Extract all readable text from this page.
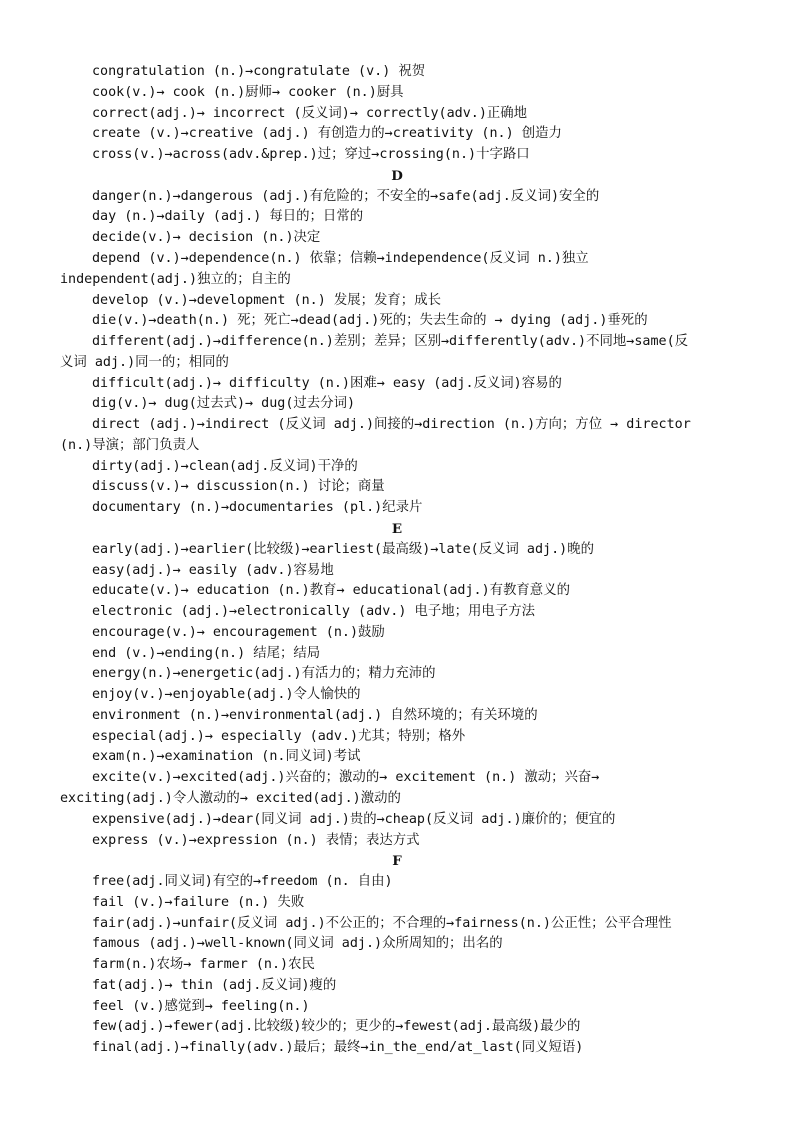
congratulation (n.)→congratulate (v.) 祝贺
cook(v.)→ cook (n.)厨师→ cooker (n.)厨具
correct(adj.)→ incorrect (反义词)→ correctly(adv.)正确地
create (v.)→creative (adj.) 有创造力的→creativity (n.) 创造力
cross(v.)→across(adv.&prep.)过；穿过→crossing(n.)十字路口
D
danger(n.)→dangerous (adj.)有危险的；不安全的→safe(adj.反义词)安全的
day (n.)→daily (adj.) 每日的；日常的
decide(v.)→ decision (n.)决定
depend (v.)→dependence(n.) 依靠；信赖→independence(反义词 n.)独立
independent(adj.)独立的；自主的
develop (v.)→development (n.) 发展；发育；成长
die(v.)→death(n.) 死；死亡→dead(adj.)死的；失去生命的 → dying (adj.)垂死的
different(adj.)→difference(n.)差别；差异；区别→differently(adv.)不同地→same(反
义词 adj.)同一的；相同的
difficult(adj.)→ difficulty (n.)困难→ easy (adj.反义词)容易的
dig(v.)→ dug(过去式)→ dug(过去分词)
direct (adj.)→indirect (反义词 adj.)间接的→direction (n.)方向；方位 → director
(n.)导演；部门负责人
dirty(adj.)→clean(adj.反义词)干净的
discuss(v.)→ discussion(n.) 讨论；商量
documentary (n.)→documentaries (pl.)纪录片
E
early(adj.)→earlier(比较级)→earliest(最高级)→late(反义词 adj.)晚的
easy(adj.)→ easily (adv.)容易地
educate(v.)→ education (n.)教育→ educational(adj.)有教育意义的
electronic (adj.)→electronically (adv.) 电子地；用电子方法
encourage(v.)→ encouragement (n.)鼓励
end (v.)→ending(n.) 结尾；结局
energy(n.)→energetic(adj.)有活力的；精力充沛的
enjoy(v.)→enjoyable(adj.)令人愉快的
environment (n.)→environmental(adj.) 自然环境的；有关环境的
especial(adj.)→ especially (adv.)尤其；特别；格外
exam(n.)→examination (n.同义词)考试
excite(v.)→excited(adj.)兴奋的；激动的→ excitement (n.) 激动；兴奋→
exciting(adj.)令人激动的→ excited(adj.)激动的
expensive(adj.)→dear(同义词 adj.)贵的→cheap(反义词 adj.)廉价的；便宜的
express (v.)→expression (n.) 表情；表达方式
F
free(adj.同义词)有空的→freedom (n. 自由)
fail (v.)→failure (n.) 失败
fair(adj.)→unfair(反义词 adj.)不公正的；不合理的→fairness(n.)公正性；公平合理性
famous (adj.)→well-known(同义词 adj.)众所周知的；出名的
farm(n.)农场→ farmer (n.)农民
fat(adj.)→ thin (adj.反义词)瘦的
feel (v.)感觉到→ feeling(n.)
few(adj.)→fewer(adj.比较级)较少的；更少的→fewest(adj.最高级)最少的
final(adj.)→finally(adv.)最后；最终→in_the_end/at_last(同义短语)
